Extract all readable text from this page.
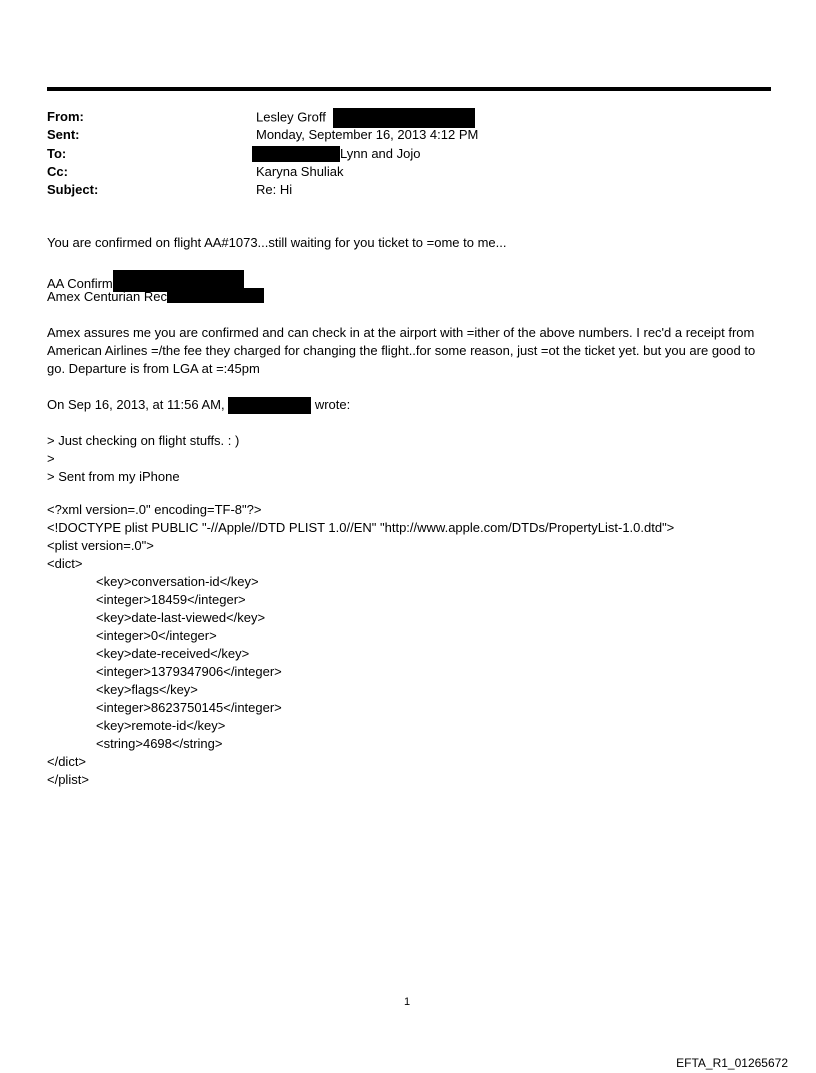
From:	Lesley Groff
Sent:	Monday, September 16, 2013 4:12 PM
To:	Lynn and Jojo
Cc:	Karyna Shuliak
Subject:	Re: Hi
You are confirmed on flight AA#1073...still waiting for you ticket to =ome to me...
AA Confirm
Amex Centurian Rec
Amex assures me you are confirmed and can check in at the airport with =ither of the above numbers. I rec'd a receipt from American Airlines =/the fee they charged for changing the flight..for some reason, just =ot the ticket yet. but you are good to go. Departure is from LGA at =:45pm
On Sep 16, 2013, at 11:56 AM,	wrote:
> Just checking on flight stuffs. : )
>
> Sent from my iPhone
<?xml version=.0" encoding=TF-8"?>
<!DOCTYPE plist PUBLIC "-//Apple//DTD PLIST 1.0//EN" "http://www.apple.com/DTDs/PropertyList-1.0.dtd">
<plist version=.0">
<dict>
<key>conversation-id</key>
<integer>18459</integer>
<key>date-last-viewed</key>
<integer>0</integer>
<key>date-received</key>
<integer>1379347906</integer>
<key>flags</key>
<integer>8623750145</integer>
<key>remote-id</key>
<string>4698</string>
</dict>
</plist>
1
EFTA_R1_01265672
